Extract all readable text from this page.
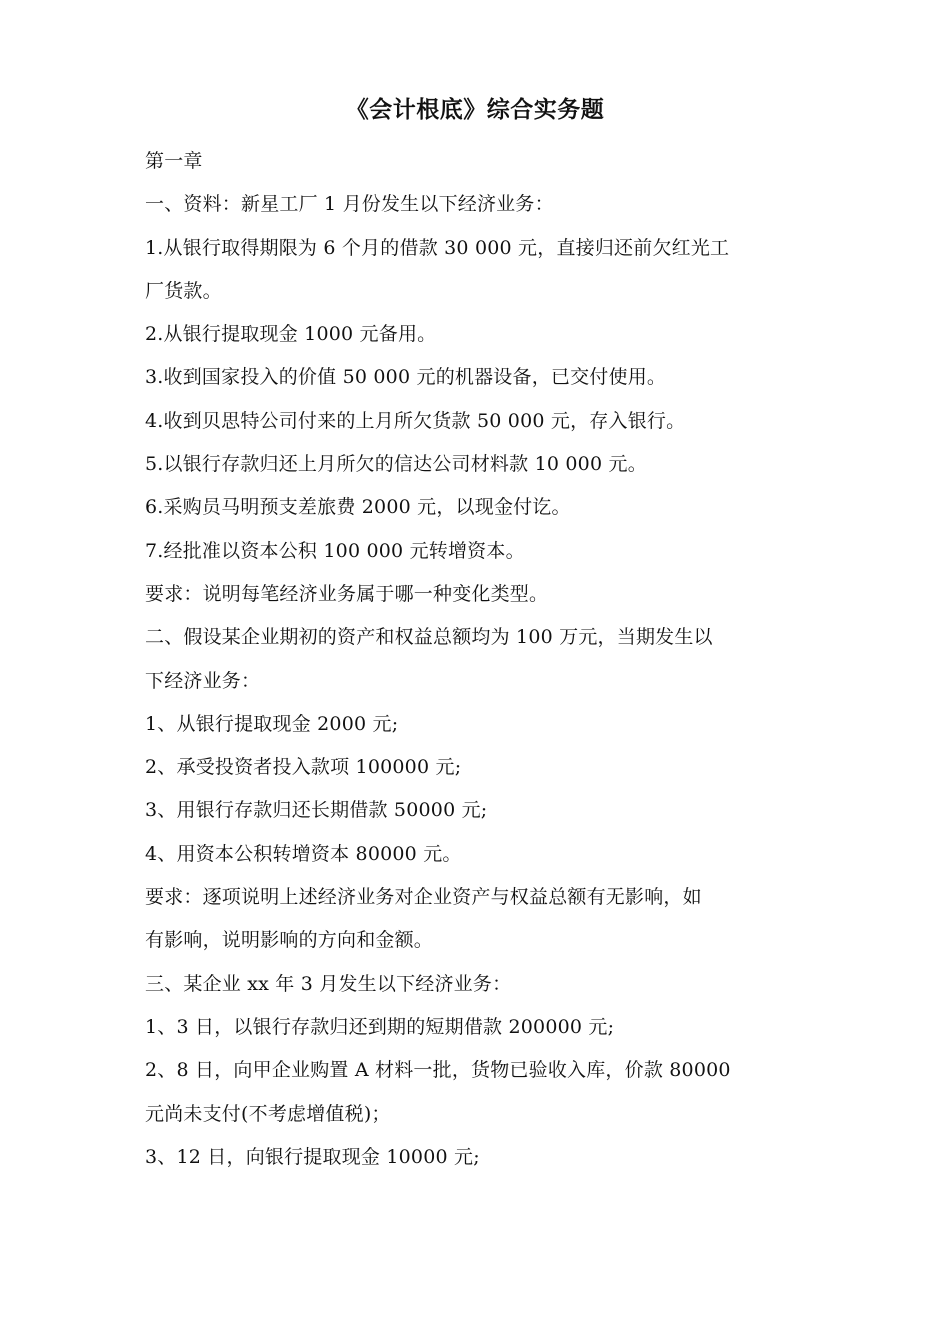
《会计根底》综合实务题
第一章
一、资料：新星工厂 1 月份发生以下经济业务：
1.从银行取得期限为 6 个月的借款 30 000 元，直接归还前欠红光工
厂货款。
2.从银行提取现金 1000 元备用。
3.收到国家投入的价值 50 000 元的机器设备，已交付使用。
4.收到贝思特公司付来的上月所欠货款 50 000 元，存入银行。
5.以银行存款归还上月所欠的信达公司材料款 10 000 元。
6.采购员马明预支差旅费 2000 元，以现金付讫。
7.经批准以资本公积 100 000 元转增资本。
要求：说明每笔经济业务属于哪一种变化类型。
二、假设某企业期初的资产和权益总额均为 100 万元，当期发生以
下经济业务：
1、从银行提取现金 2000 元;
2、承受投资者投入款项 100000 元;
3、用银行存款归还长期借款 50000 元;
4、用资本公积转增资本 80000 元。
要求：逐项说明上述经济业务对企业资产与权益总额有无影响，如
有影响，说明影响的方向和金额。
三、某企业 xx 年 3 月发生以下经济业务：
1、3 日，以银行存款归还到期的短期借款 200000 元;
2、8 日，向甲企业购置 A 材料一批，货物已验收入库，价款 80000
元尚未支付(不考虑增值税)；
3、12 日，向银行提取现金 10000 元;
